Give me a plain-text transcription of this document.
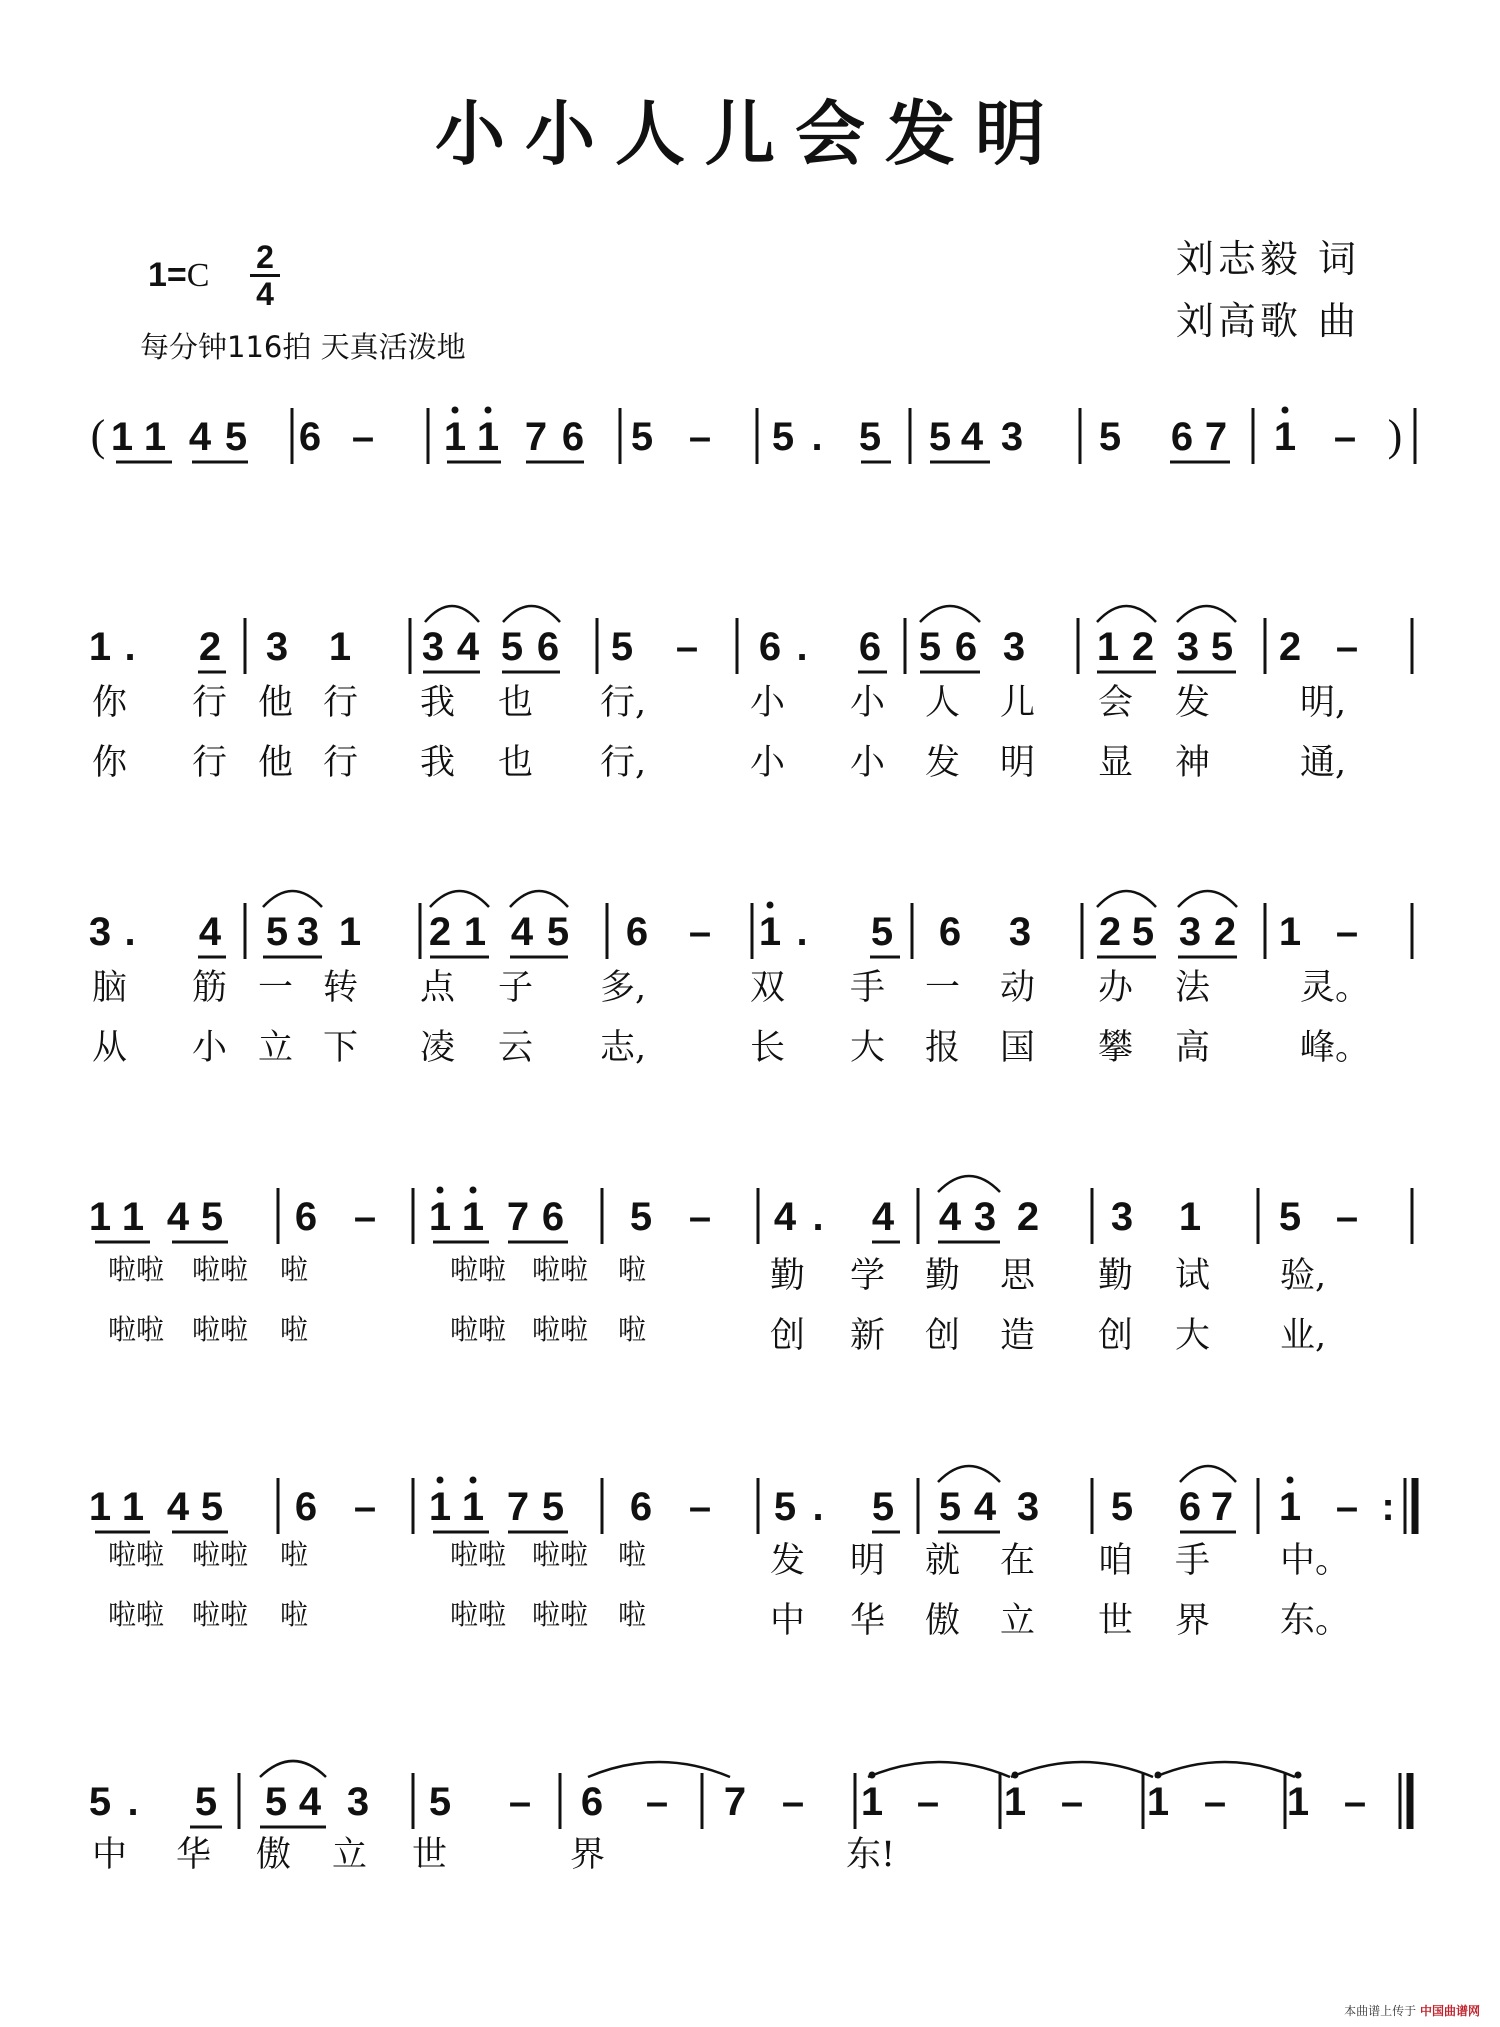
小小人儿会发明
1=C 2
4
每分钟116拍 天真活泼地
刘志毅 词
刘高歌 曲
( 1 1 4 5 6 – 1 1 7 6 5 – 5 . 5 5 4 3 5 6 7 1 – )
1 . 2 3 1 3 4 5 6 5 – 6 . 6 5 6 3 1 2 3 5 2 –
3 . 4 5 3 1 2 1 4 5 6 – 1 . 5 6 3 2 5 3 2 1 –
1 1 4 5 6 – 1 1 7 6 5 – 4 . 4 4 3 2 3 1 5 –
1 1 4 5 6 – 1 1 7 5 6 – 5 . 5 5 4 3 5 6 7 1 – :
5 . 5 5 4 3 5 – 6 – 7 – 1 – 1 – 1 – 1 –
你 行 他 行 我 也 行,	小 小 人 儿 会 发	明,
你 行 他 行 我 也 行,	小 小 发 明 显 神	通,
脑 筋 一 转 点 子 多,	双 手 一 动 办 法	灵。
从 小 立 下 凌 云 志,	长 大 报 国 攀 高	峰。
啦啦 啦啦 啦	啦啦 啦啦 啦	勤 学 勤 思 勤 试 验,
啦啦 啦啦 啦	啦啦 啦啦 啦	创 新 创 造 创 大 业,
啦啦 啦啦 啦	啦啦 啦啦 啦	发 明 就 在 咱 手 中。
啦啦 啦啦 啦	啦啦 啦啦 啦	中 华 傲 立 世 界 东。
中 华 傲 立 世	界	东!
本曲谱上传于 中国曲谱网
